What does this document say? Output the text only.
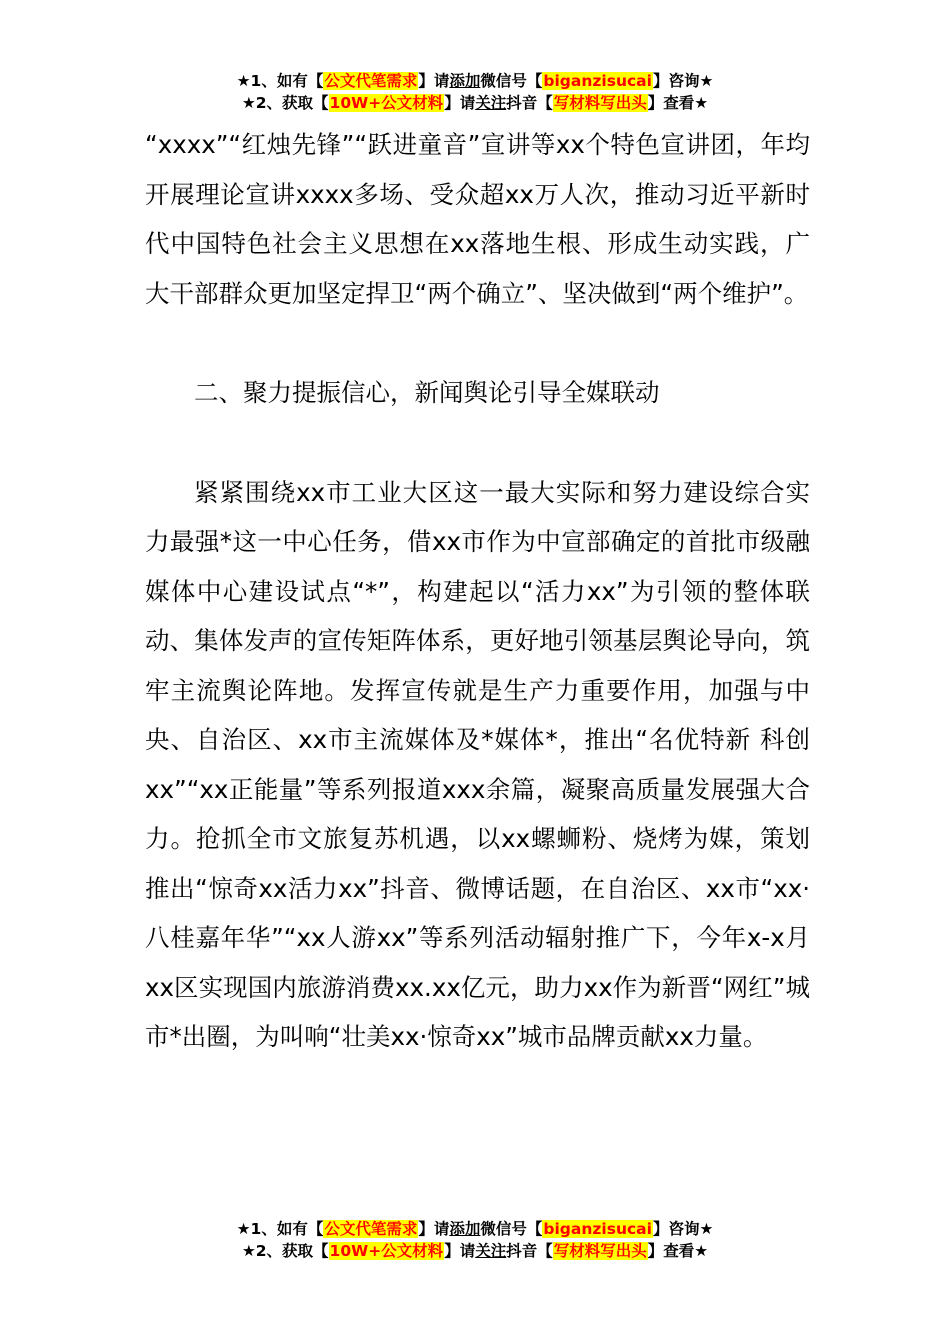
★1、如有【公文代笔需求】请添加微信号【biganzisucai】咨询★
★2、获取【10W+公文材料】请关注抖音【写材料写出头】查看★

“xxxx”“红烛先锋”“跃进童音”宣讲等xx个特色宣讲团，年均开展理论宣讲xxxx多场、受众超xx万人次，推动习近平新时代中国特色社会主义思想在xx落地生根、形成生动实践，广大干部群众更加坚定捍卫“两个确立”、坚决做到“两个维护”。

二、聚力提振信心，新闻舆论引导全媒联动

紧紧围绕xx市工业大区这一最大实际和努力建设综合实力最强*这一中心任务，借xx市作为中宣部确定的首批市级融媒体中心建设试点“*”，构建起以“活力xx”为引领的整体联动、集体发声的宣传矩阵体系，更好地引领基层舆论导向，筑牢主流舆论阵地。发挥宣传就是生产力重要作用，加强与中央、自治区、xx市主流媒体及*媒体*，推出“名优特新 科创xx”“xx正能量”等系列报道xxx余篇，凝聚高质量发展强大合力。抢抓全市文旅复苏机遇，以xx螺蛳粉、烧烤为媒，策划推出“惊奇xx活力xx”抖音、微博话题，在自治区、xx市“xx·八桂嘉年华”“xx人游xx”等系列活动辐射推广下，今年x-x月xx区实现国内旅游消费xx.xx亿元，助力xx作为新晋“网红”城市*出圈，为叫响“壮美xx·惊奇xx”城市品牌贡献xx力量。

★1、如有【公文代笔需求】请添加微信号【biganzisucai】咨询★
★2、获取【10W+公文材料】请关注抖音【写材料写出头】查看★
